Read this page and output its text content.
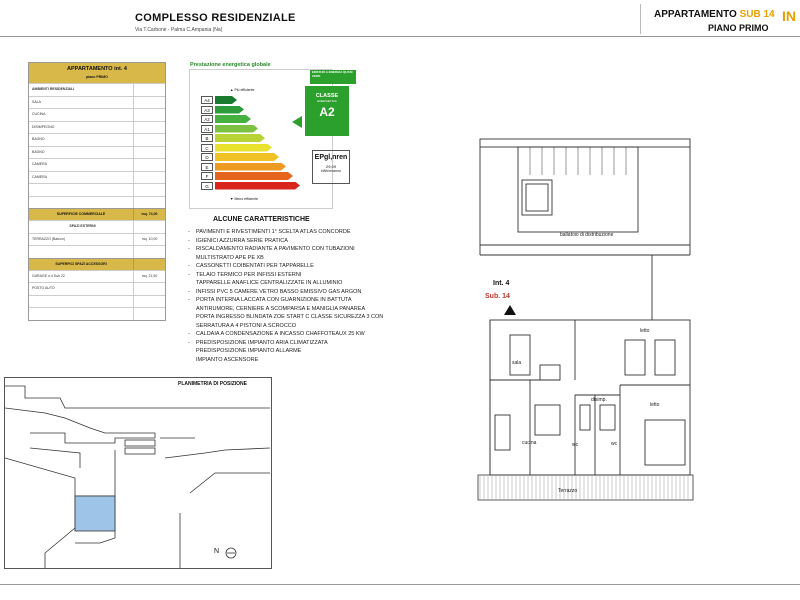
COMPLESSO RESIDENZIALE
Via T.Carbone - Palma C.Ampania (Na)
APPARTAMENTO SUB 14 IN
PIANO PRIMO
APPARTAMENTO int. 4
piano PRIMO
AMBIENTI RESIDENZIALI
SALA
CUCINA
DISIMPEGNO
BAGNO
BAGNO
CAMERA
CAMERA
SUPERFICIE COMMERCIALE	mq. 74,00
SPAZI ESTERNI
TERRAZZO (Balcon)	mq. 10,00
SUPERFICI SPAZI ACCESSORI
GARAGE n.4 Sub 22	mq. 21,50
POSTO AUTO
Prestazione energetica globale
▲ Più efficiente
A4
A3
A2
A1
B
C
D
E
F
G
▼ Meno efficiente
EDIFICIO A ENERGIA QUASI ZERO
CLASSE
ENERGETICA
A2
EPgl,nren
29,09
kWh/m²anno
ALCUNE CARATTERISTICHE
- PAVIMENTI E RIVESTIMENTI 1° SCELTA ATLAS CONCORDE
- IGIENICI AZZURRA SERIE PRATICA
- RISCALDAMENTO RADIANTE A PAVIMENTO CON TUBAZIONI
MULTISTRATO APE PE XB
- CASSONETTI COIBENTATI PER TAPPARELLE
- TELAIO TERMICO PER INFISSI ESTERNI
TAPPARELLE ANAFLICE CENTRALIZZATE IN ALLUMINIO
- INFISSI PVC 5 CAMERE VETRO BASSO EMISSIVO GAS ARGON
- PORTA INTERNA LACCATA CON GUARNIZIONE IN BATTUTA
ANTIRUMORE, CERNIERE A SCOMPARSA E MANIGLIA PANAREA
PORTA INGRESSO BLINDATA ZOE START C CLASSE SICUREZZA 3 CON
SERRATURA A 4 PISTONI A SCROCCO
- CALDAIA A CONDENSAZIONE A INCASSO CHAFFOTEAUX 25 KW
- PREDISPOSIZIONE IMPIANTO ARIA CLIMATIZZATA
PREDISPOSIZIONE IMPIANTO ALLARME
IMPIANTO ASCENSORE
PLANIMETRIA DI POSIZIONE
N
ballatoio di distribuzione
Int. 4
Sub. 14
sala
cucina
disimp.
wc	wc
letto
letto
Terrazzo
